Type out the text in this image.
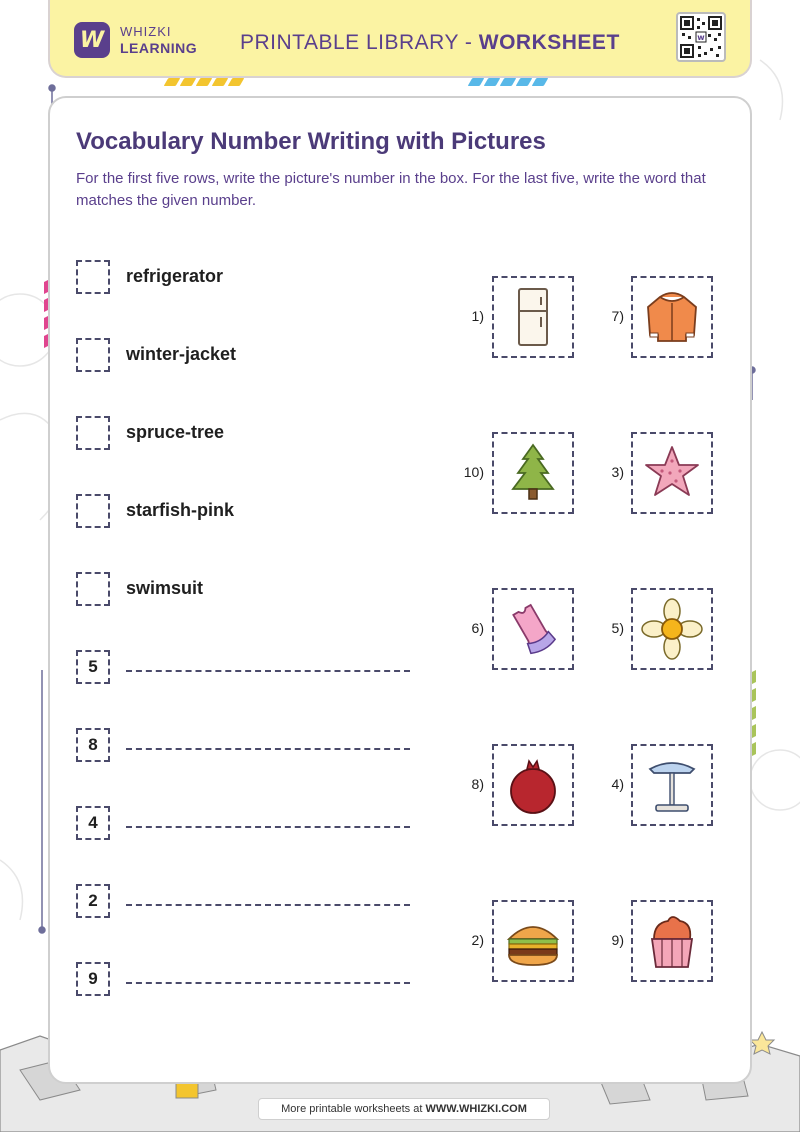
W WHIZKI
LEARNING PRINTABLE LIBRARY - WORKSHEET	w
Vocabulary Number Writing with Pictures
For the first five rows, write the picture's number in the box. For the last five, write the word that matches the given number.
refrigerator
winter-jacket
spruce-tree
starfish-pink
swimsuit
5
8
4
2
9
1)	7)
10)	3)
6)	5)
8)	4)
2)	9)
More printable worksheets at WWW.WHIZKI.COM
